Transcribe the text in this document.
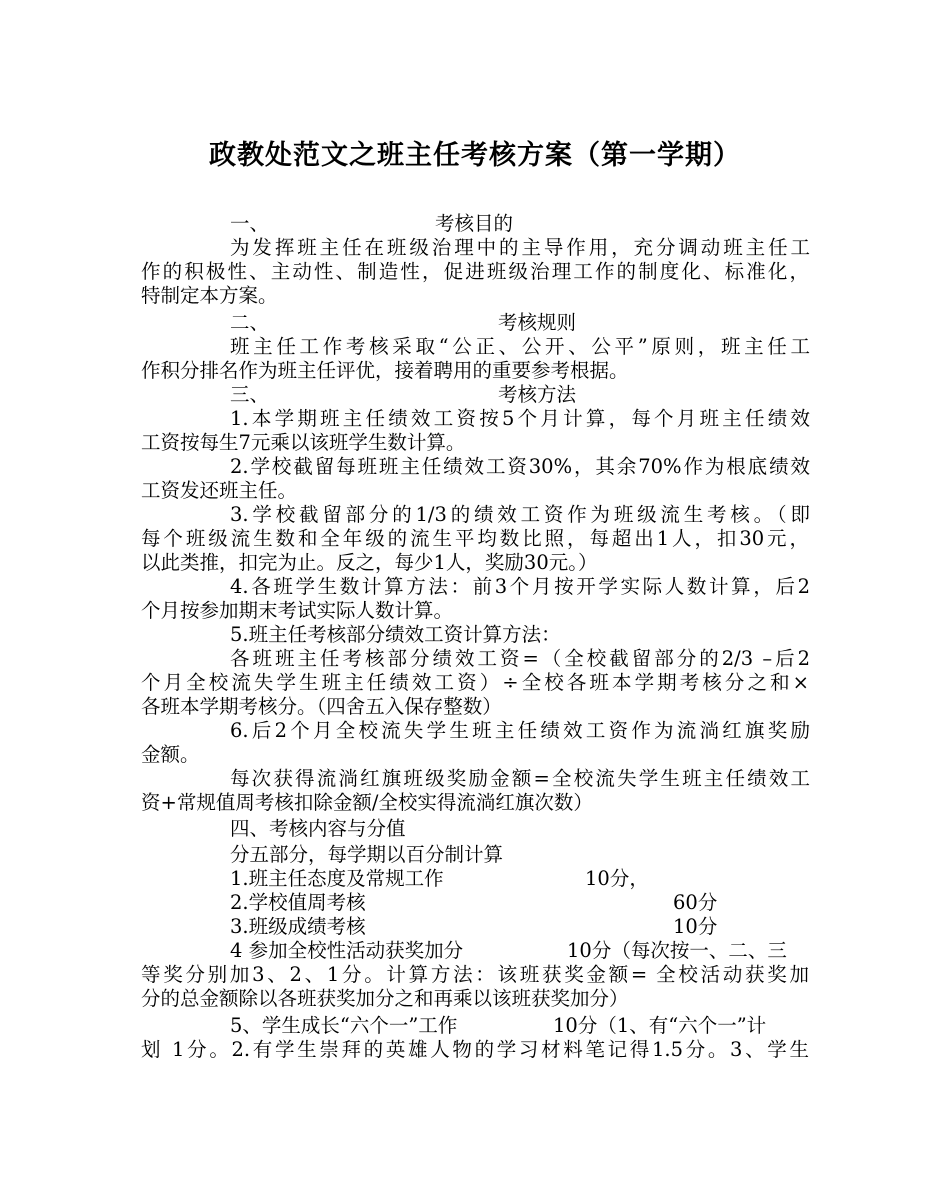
政教处范文之班主任考核方案（第一学期）
一、	考核目的
为发挥班主任在班级治理中的主导作用，充分调动班主任工
作的积极性、主动性、制造性，促进班级治理工作的制度化、标准化，
特制定本方案。
二、	考核规则
班主任工作考核采取“公正、公开、公平”原则，班主任工
作积分排名作为班主任评优，接着聘用的重要参考根据。
三、	考核方法
1.本学期班主任绩效工资按5个月计算，每个月班主任绩效
工资按每生7元乘以该班学生数计算。
2.学校截留每班班主任绩效工资30%，其余70%作为根底绩效
工资发还班主任。
3.学校截留部分的1/3的绩效工资作为班级流生考核。（即
每个班级流生数和全年级的流生平均数比照，每超出1人，扣30元，
以此类推，扣完为止。反之，每少1人，奖励30元。）
4.各班学生数计算方法：前3个月按开学实际人数计算，后2
个月按参加期末考试实际人数计算。
5.班主任考核部分绩效工资计算方法：
各班班主任考核部分绩效工资=（全校截留部分的2/3 –后2
个月全校流失学生班主任绩效工资）÷全校各班本学期考核分之和×
各班本学期考核分。（四舍五入保存整数）
6.后2个月全校流失学生班主任绩效工资作为流淌红旗奖励
金额。
每次获得流淌红旗班级奖励金额=全校流失学生班主任绩效工
资+常规值周考核扣除金额/全校实得流淌红旗次数）
四、考核内容与分值
分五部分，每学期以百分制计算
1.班主任态度及常规工作	10分，
2.学校值周考核	60分
3.班级成绩考核	10分
4 参加全校性活动获奖加分	10分（每次按一、二、三
等奖分别加3、2、1分。计算方法：该班获奖金额= 全校活动获奖加
分的总金额除以各班获奖加分之和再乘以该班获奖加分）
5、学生成长“六个一”工作	10分（1、有“六个一”计
划 1分。2.有学生崇拜的英雄人物的学习材料笔记得1.5分。3、学生
